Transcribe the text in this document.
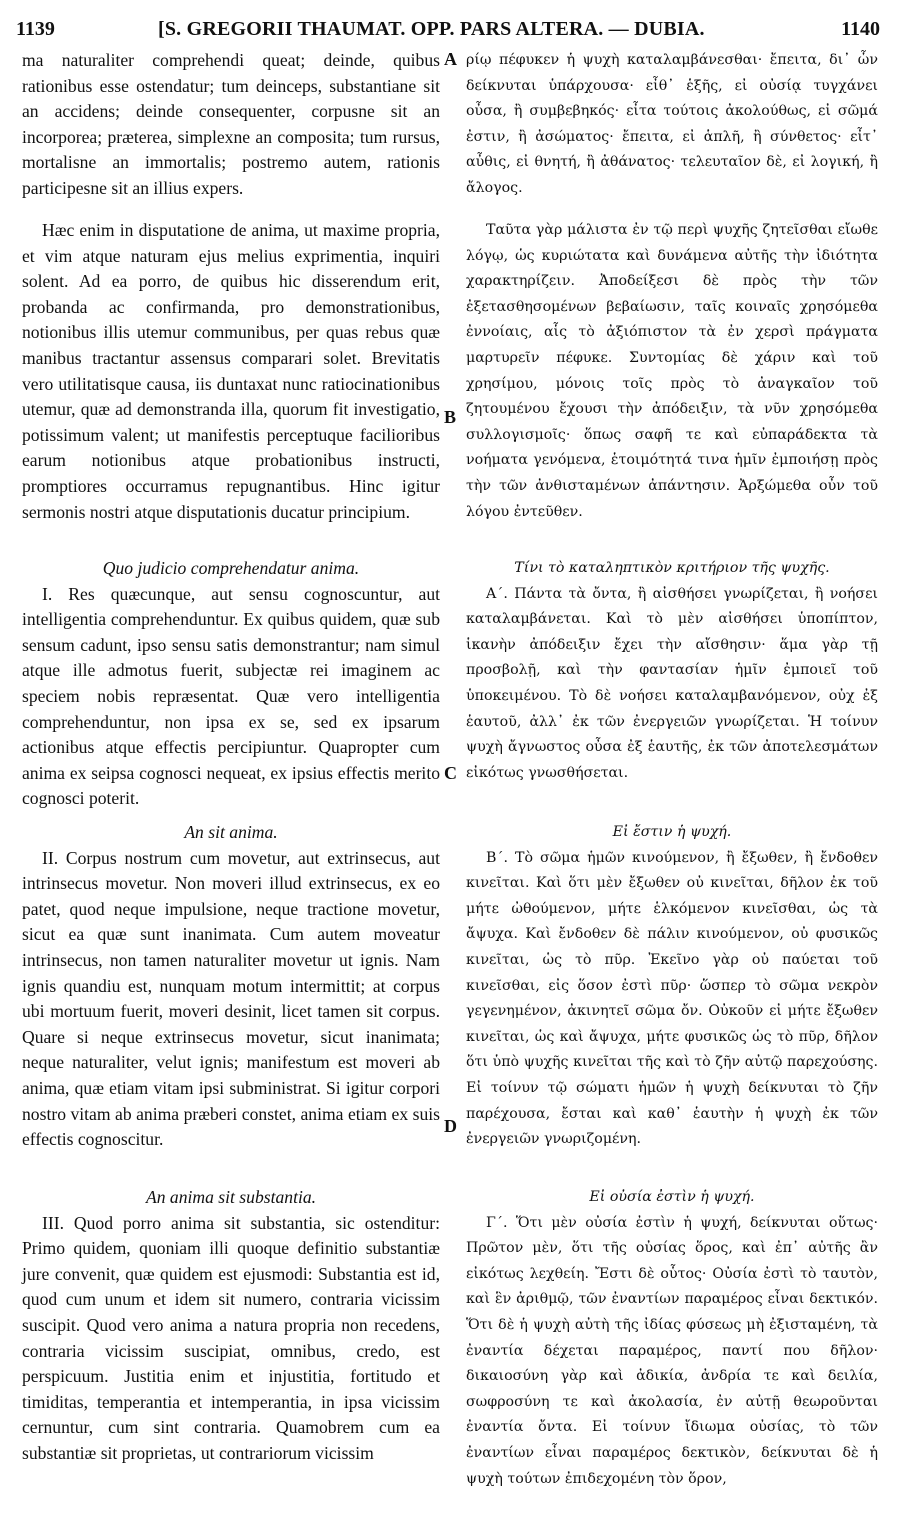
1139	[S. GREGORII THAUMAT. OPP. PARS ALTERA. — DUBIA.	1140

ma naturaliter comprehendi queat; deinde, quibus rationibus esse ostendatur; tum deinceps, substantiane sit an accidens; deinde consequenter, corpusne sit an incorporea; præterea, simplexne an composita; tum rursus, mortalisne an immortalis; postremo autem, rationis participesne sit an illius expers.

Hæc enim in disputatione de anima, ut maxime propria, et vim atque naturam ejus melius exprimentia, inquiri solent. Ad ea porro, de quibus hic disserendum erit, probanda ac confirmanda, pro demonstrationibus, notionibus illis utemur communibus, per quas rebus quæ manibus tractantur assensus comparari solet. Brevitatis vero utilitatisque causa, iis duntaxat nunc ratiocinationibus utemur, quæ ad demonstranda illa, quorum fit investigatio, potissimum valent; ut manifestis perceptuque facilioribus earum notionibus atque probationibus instructi, promptiores occurramus repugnantibus. Hinc igitur sermonis nostri atque disputationis ducatur principium.

Quo judicio comprehendatur anima.

I. Res quæcunque, aut sensu cognoscuntur, aut intelligentia comprehenduntur. Ex quibus quidem, quæ sub sensum cadunt, ipso sensu satis demonstrantur; nam simul atque ille admotus fuerit, subjectæ rei imaginem ac speciem nobis repræsentat. Quæ vero intelligentia comprehenduntur, non ipsa ex se, sed ex ipsarum actionibus atque effectis percipiuntur. Quapropter cum anima ex seipsa cognosci nequeat, ex ipsius effectis merito cognosci poterit.

An sit anima.

II. Corpus nostrum cum movetur, aut extrinsecus, aut intrinsecus movetur. Non moveri illud extrinsecus, ex eo patet, quod neque impulsione, neque tractione movetur, sicut ea quæ sunt inanimata. Cum autem moveatur intrinsecus, non tamen naturaliter movetur ut ignis. Nam ignis quandiu est, nunquam motum intermittit; at corpus ubi mortuum fuerit, moveri desinit, licet tamen sit corpus. Quare si neque extrinsecus movetur, sicut inanimata; neque naturaliter, velut ignis; manifestum est moveri ab anima, quæ etiam vitam ipsi subministrat. Si igitur corpori nostro vitam ab anima præberi constet, anima etiam ex suis effectis cognoscitur.

An anima sit substantia.

III. Quod porro anima sit substantia, sic ostenditur: Primo quidem, quoniam illi quoque definitio substantiæ jure convenit, quæ quidem est ejusmodi: Substantia est id, quod cum unum et idem sit numero, contraria vicissim suscipit. Quod vero anima a natura propria non recedens, contraria vicissim suscipiat, omnibus, credo, est perspicuum. Justitia enim et injustitia, fortitudo et timiditas, temperantia et intemperantia, in ipsa vicissim cernuntur, cum sint contraria. Quamobrem cum ea substantiæ sit proprietas, ut contrariorum vicissim

A
B
C
D

ρίῳ πέφυκεν ἡ ψυχὴ καταλαμβάνεσθαι· ἔπειτα, δι᾽ ὧν δείκνυται ὑπάρχουσα· εἶθ᾽ ἑξῆς, εἰ οὐσίᾳ τυγχάνει οὖσα, ἢ συμβεβηκός· εἶτα τούτοις ἀκολούθως, εἰ σῶμά ἐστιν, ἢ ἀσώματος· ἔπειτα, εἰ ἁπλῆ, ἢ σύνθετος· εἶτ᾽ αὖθις, εἰ θνητή, ἢ ἀθάνατος· τελευταῖον δὲ, εἰ λογική, ἢ ἄλογος.

Ταῦτα γὰρ μάλιστα ἐν τῷ περὶ ψυχῆς ζητεῖσθαι εἴωθε λόγῳ, ὡς κυριώτατα καὶ δυνάμενα αὐτῆς τὴν ἰδιότητα χαρακτηρίζειν. Ἀποδείξεσι δὲ πρὸς τὴν τῶν ἐξετασθησομένων βεβαίωσιν, ταῖς κοιναῖς χρησόμεθα ἐννοίαις, αἷς τὸ ἀξιόπιστον τὰ ἐν χερσὶ πράγματα μαρτυρεῖν πέφυκε. Συντομίας δὲ χάριν καὶ τοῦ χρησίμου, μόνοις τοῖς πρὸς τὸ ἀναγκαῖον τοῦ ζητουμένου ἔχουσι τὴν ἀπόδειξιν, τὰ νῦν χρησόμεθα συλλογισμοῖς· ὅπως σαφῆ τε καὶ εὐπαράδεκτα τὰ νοήματα γενόμενα, ἑτοιμότητά τινα ἡμῖν ἐμποιήσῃ πρὸς τὴν τῶν ἀνθισταμένων ἀπάντησιν. Ἀρξώμεθα οὖν τοῦ λόγου ἐντεῦθεν.

Τίνι τὸ καταληπτικὸν κριτήριον τῆς ψυχῆς.

Α΄. Πάντα τὰ ὄντα, ἢ αἰσθήσει γνωρίζεται, ἢ νοήσει καταλαμβάνεται. Καὶ τὸ μὲν αἰσθήσει ὑποπίπτον, ἱκανὴν ἀπόδειξιν ἔχει τὴν αἴσθησιν· ἅμα γὰρ τῇ προσβολῇ, καὶ τὴν φαντασίαν ἡμῖν ἐμποιεῖ τοῦ ὑποκειμένου. Τὸ δὲ νοήσει καταλαμβανόμενον, οὐχ ἐξ ἑαυτοῦ, ἀλλ᾽ ἐκ τῶν ἐνεργειῶν γνωρίζεται. Ἡ τοίνυν ψυχὴ ἄγνωστος οὖσα ἐξ ἑαυτῆς, ἐκ τῶν ἀποτελεσμάτων εἰκότως γνωσθήσεται.

Εἰ ἔστιν ἡ ψυχή.

Β΄. Τὸ σῶμα ἡμῶν κινούμενον, ἢ ἔξωθεν, ἢ ἔνδοθεν κινεῖται. Καὶ ὅτι μὲν ἔξωθεν οὐ κινεῖται, δῆλον ἐκ τοῦ μήτε ὠθούμενον, μήτε ἑλκόμενον κινεῖσθαι, ὡς τὰ ἄψυχα. Καὶ ἔνδοθεν δὲ πάλιν κινούμενον, οὐ φυσικῶς κινεῖται, ὡς τὸ πῦρ. Ἐκεῖνο γὰρ οὐ παύεται τοῦ κινεῖσθαι, εἰς ὅσον ἐστὶ πῦρ· ὥσπερ τὸ σῶμα νεκρὸν γεγενημένον, ἀκινητεῖ σῶμα ὄν. Οὐκοῦν εἰ μήτε ἔξωθεν κινεῖται, ὡς καὶ ἄψυχα, μήτε φυσικῶς ὡς τὸ πῦρ, δῆλον ὅτι ὑπὸ ψυχῆς κινεῖται τῆς καὶ τὸ ζῆν αὐτῷ παρεχούσης. Εἰ τοίνυν τῷ σώματι ἡμῶν ἡ ψυχὴ δείκνυται τὸ ζῆν παρέχουσα, ἔσται καὶ καθ᾽ ἑαυτὴν ἡ ψυχὴ ἐκ τῶν ἐνεργειῶν γνωριζομένη.

Εἰ οὐσία ἐστὶν ἡ ψυχή.

Γ΄. Ὅτι μὲν οὐσία ἐστὶν ἡ ψυχή, δείκνυται οὕτως· Πρῶτον μὲν, ὅτι τῆς οὐσίας ὅρος, καὶ ἐπ᾽ αὐτῆς ἂν εἰκότως λεχθείη. Ἔστι δὲ οὗτος· Οὐσία ἐστὶ τὸ ταυτὸν, καὶ ἓν ἀριθμῷ, τῶν ἐναντίων παραμέρος εἶναι δεκτικόν. Ὅτι δὲ ἡ ψυχὴ αὐτὴ τῆς ἰδίας φύσεως μὴ ἐξισταμένη, τὰ ἐναντία δέχεται παραμέρος, παντί που δῆλον· δικαιοσύνη γὰρ καὶ ἀδικία, ἀνδρία τε καὶ δειλία, σωφροσύνη τε καὶ ἀκολασία, ἐν αὐτῇ θεωροῦνται ἐναντία ὄντα. Εἰ τοίνυν ἴδιωμα οὐσίας, τὸ τῶν ἐναντίων εἶναι παραμέρος δεκτικὸν, δείκνυται δὲ ἡ ψυχὴ τούτων ἐπιδεχομένη τὸν ὅρον,
